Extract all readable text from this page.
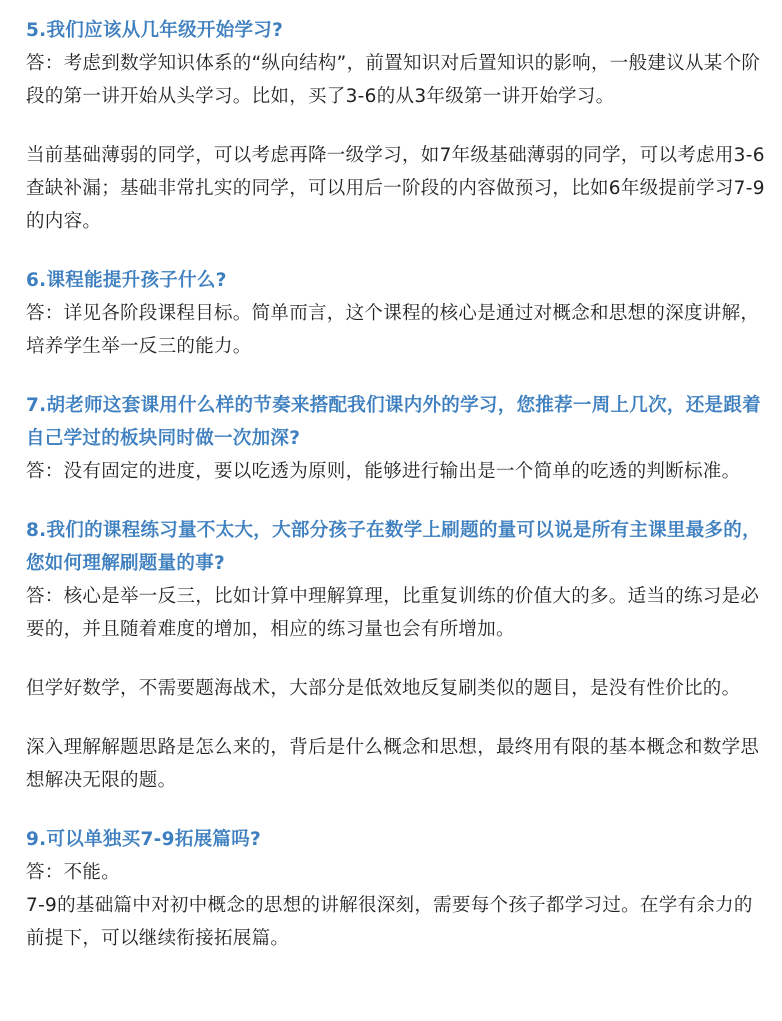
5.我们应该从几年级开始学习?

答：考虑到数学知识体系的“纵向结构”，前置知识对后置知识的影响，一般建议从某个阶段的第一讲开始从头学习。比如，买了3-6的从3年级第一讲开始学习。

当前基础薄弱的同学，可以考虑再降一级学习，如7年级基础薄弱的同学，可以考虑用3-6查缺补漏；基础非常扎实的同学，可以用后一阶段的内容做预习，比如6年级提前学习7-9的内容。

6.课程能提升孩子什么?

答：详见各阶段课程目标。简单而言，这个课程的核心是通过对概念和思想的深度讲解，培养学生举一反三的能力。

7.胡老师这套课用什么样的节奏来搭配我们课内外的学习，您推荐一周上几次，还是跟着自己学过的板块同时做一次加深?

答：没有固定的进度，要以吃透为原则，能够进行输出是一个简单的吃透的判断标准。

8.我们的课程练习量不太大，大部分孩子在数学上刷题的量可以说是所有主课里最多的，您如何理解刷题量的事?

答：核心是举一反三，比如计算中理解算理，比重复训练的价值大的多。适当的练习是必要的，并且随着难度的增加，相应的练习量也会有所增加。

但学好数学，不需要题海战术，大部分是低效地反复刷类似的题目，是没有性价比的。

深入理解解题思路是怎么来的，背后是什么概念和思想，最终用有限的基本概念和数学思想解决无限的题。

9.可以单独买7-9拓展篇吗?

答：不能。

7-9的基础篇中对初中概念的思想的讲解很深刻，需要每个孩子都学习过。在学有余力的前提下，可以继续衔接拓展篇。
